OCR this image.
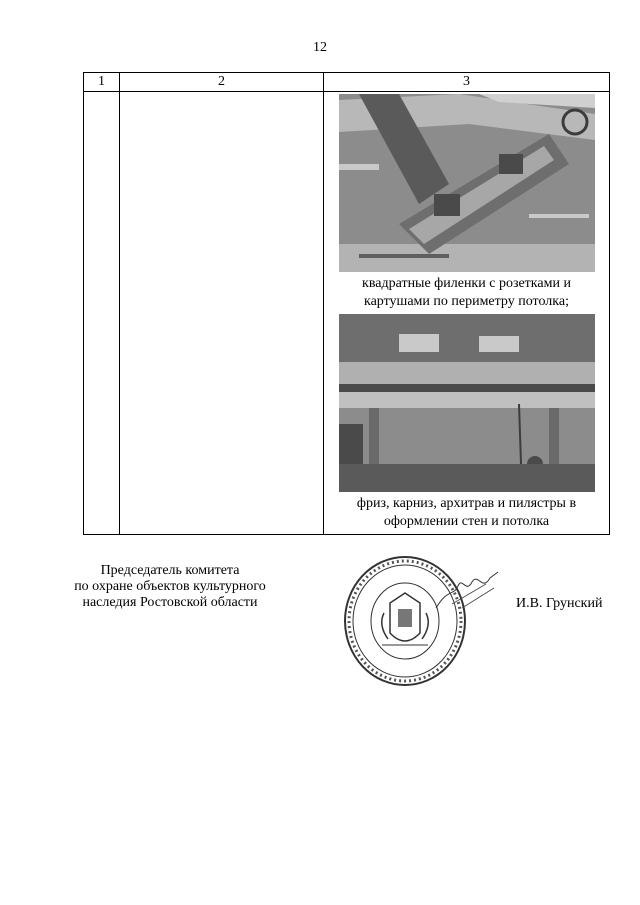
12
1	2	3

		квадратные филенки с розетками и
картушами по периметру потолка;
фриз, карниз, архитрав и пилястры в
оформлении стен и потолка
Председатель комитета
по охране объектов культурного
наследия Ростовской области	И.В. Грунский
